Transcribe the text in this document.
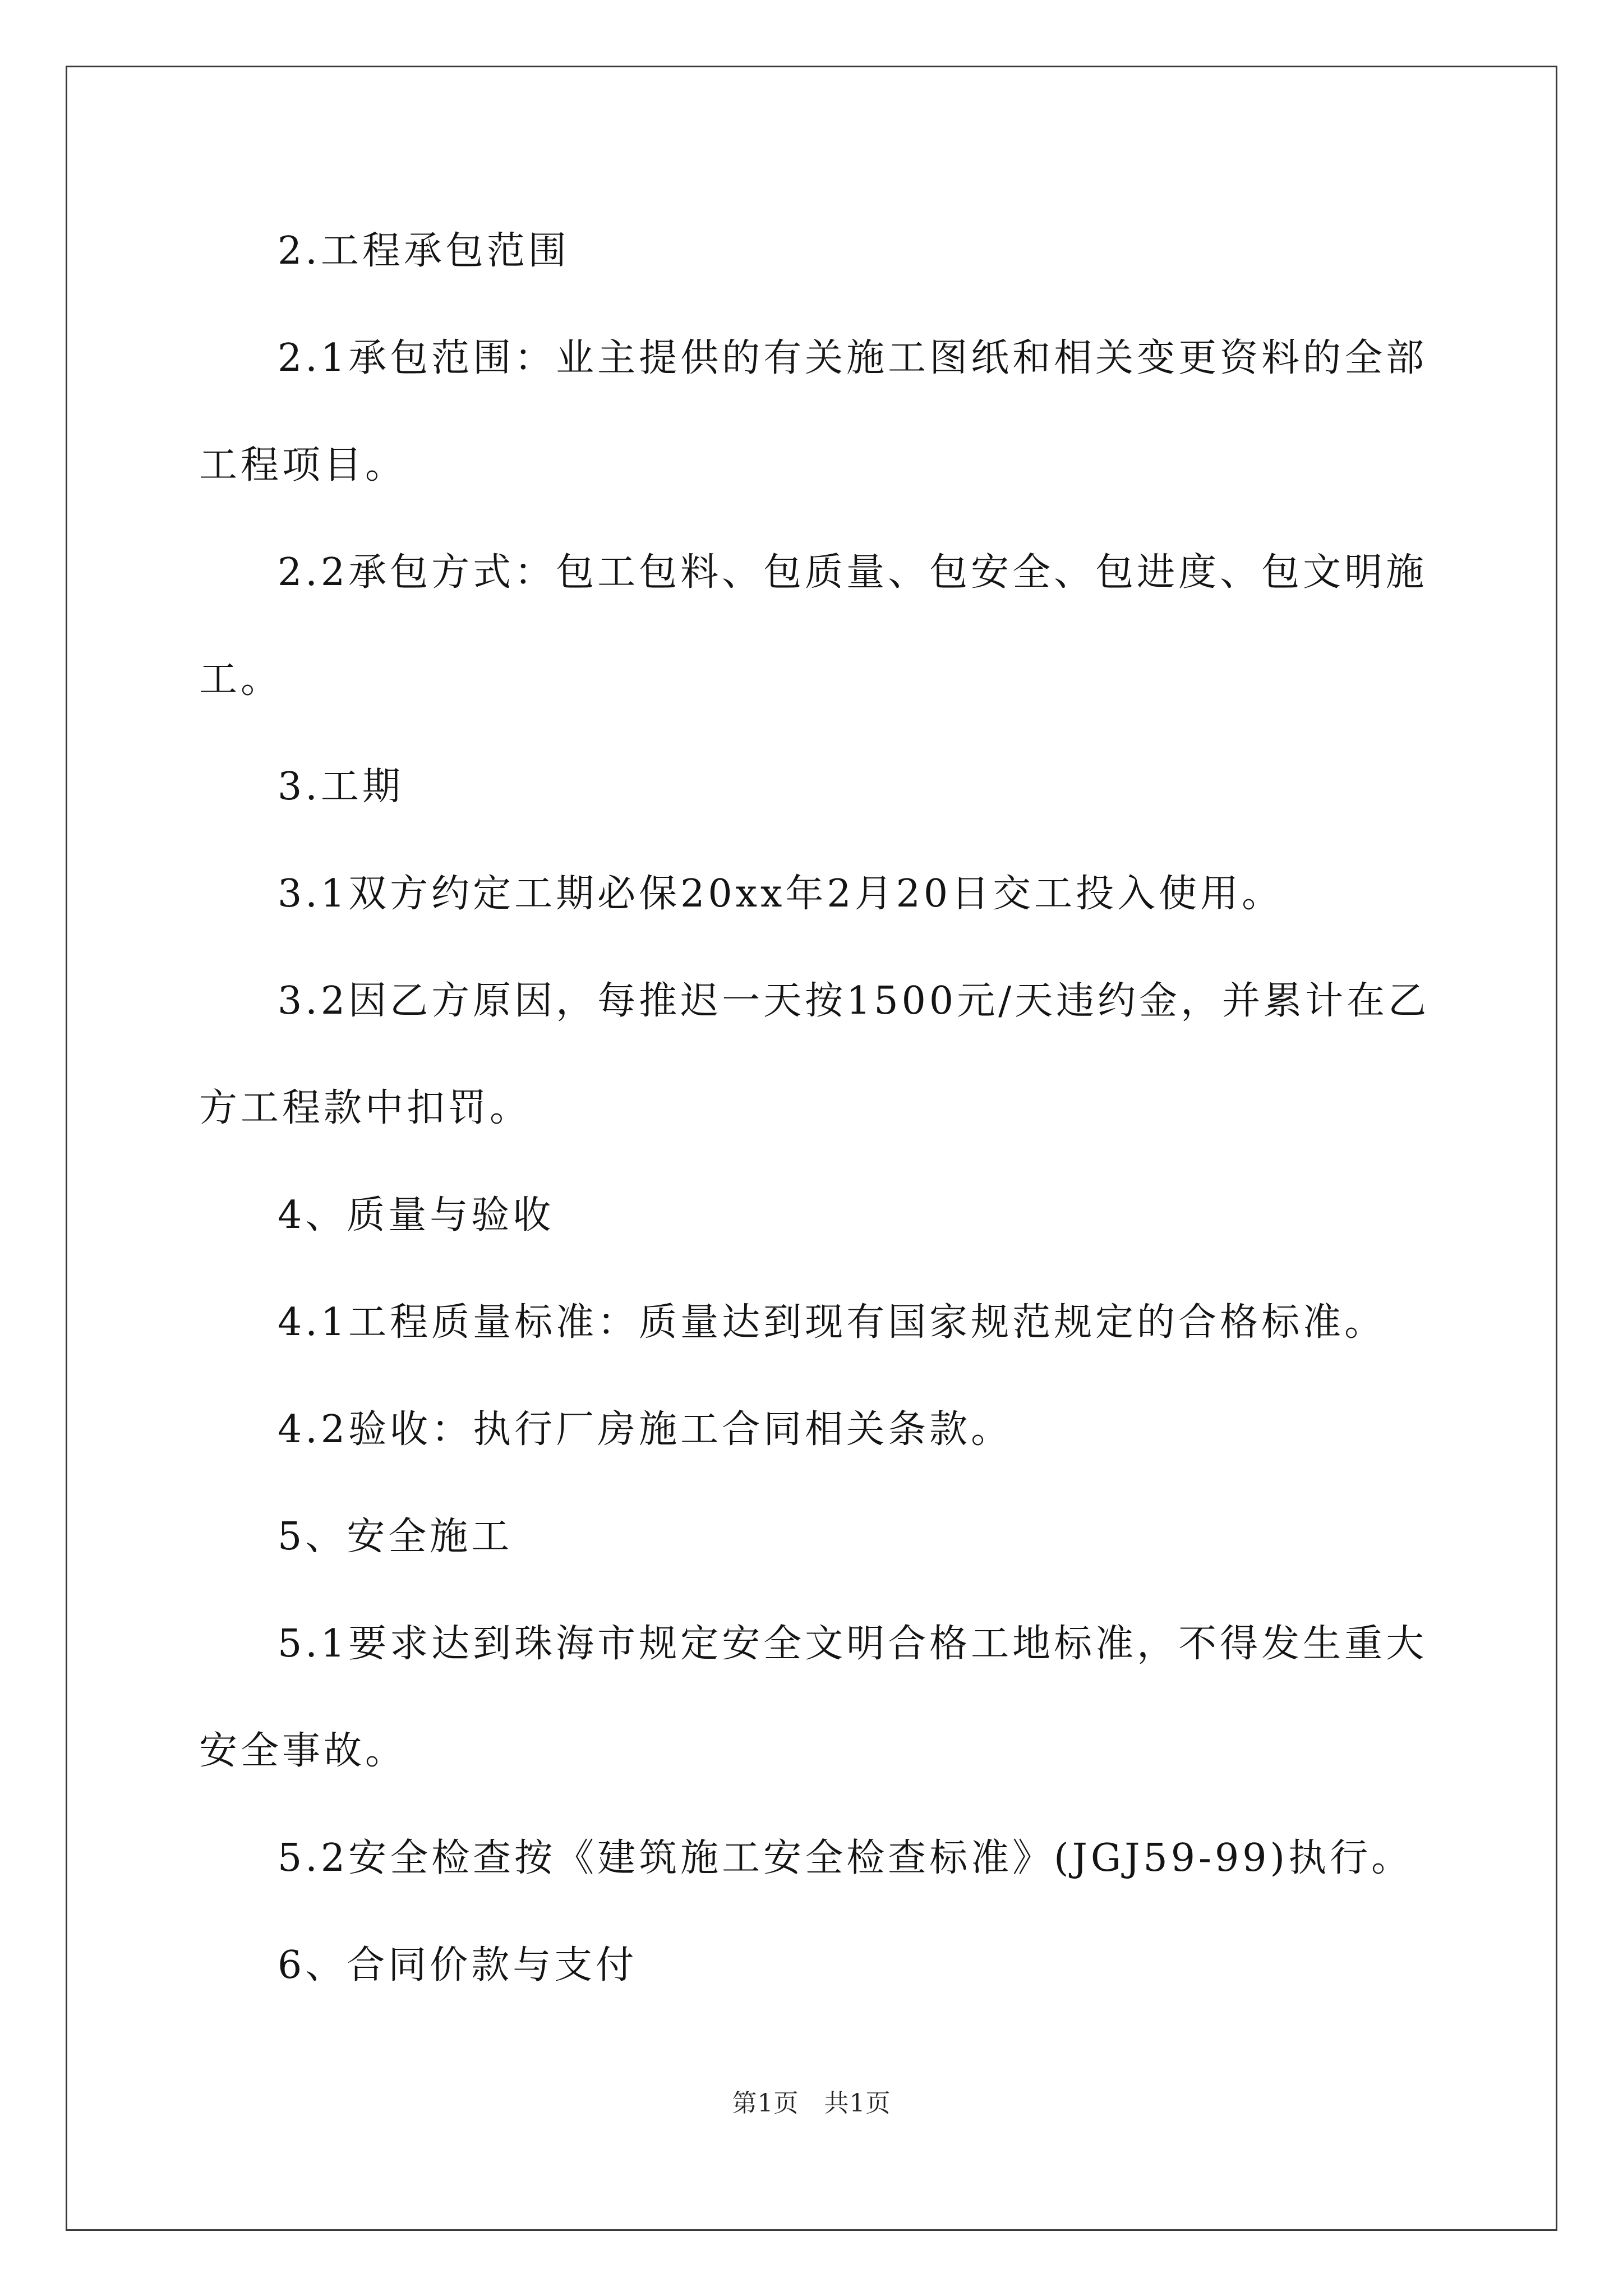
2.工程承包范围
2.1承包范围：业主提供的有关施工图纸和相关变更资料的全部
工程项目。
2.2承包方式：包工包料、包质量、包安全、包进度、包文明施
工。
3.工期
3.1双方约定工期必保20xx年2月20日交工投入使用。
3.2因乙方原因，每推迟一天按1500元/天违约金，并累计在乙
方工程款中扣罚。
4、质量与验收
4.1工程质量标准：质量达到现有国家规范规定的合格标准。
4.2验收：执行厂房施工合同相关条款。
5、安全施工
5.1要求达到珠海市规定安全文明合格工地标准，不得发生重大
安全事故。
5.2安全检查按《建筑施工安全检查标准》(JGJ59-99)执行。
6、合同价款与支付
第1页 共1页
